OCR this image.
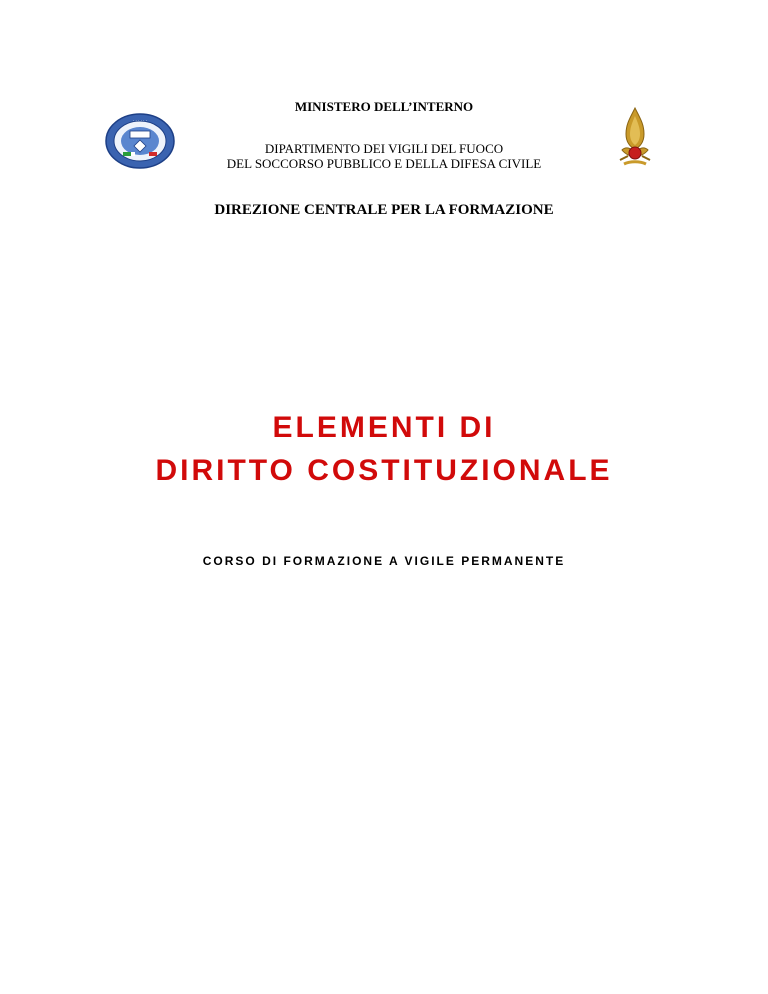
· · · · · ·
MINISTERO DELL’INTERNO
DIPARTIMENTO DEI VIGILI DEL FUOCO
DEL SOCCORSO PUBBLICO E DELLA DIFESA CIVILE
DIREZIONE CENTRALE PER LA FORMAZIONE
ELEMENTI DI
DIRITTO COSTITUZIONALE
CORSO DI FORMAZIONE A VIGILE PERMANENTE
